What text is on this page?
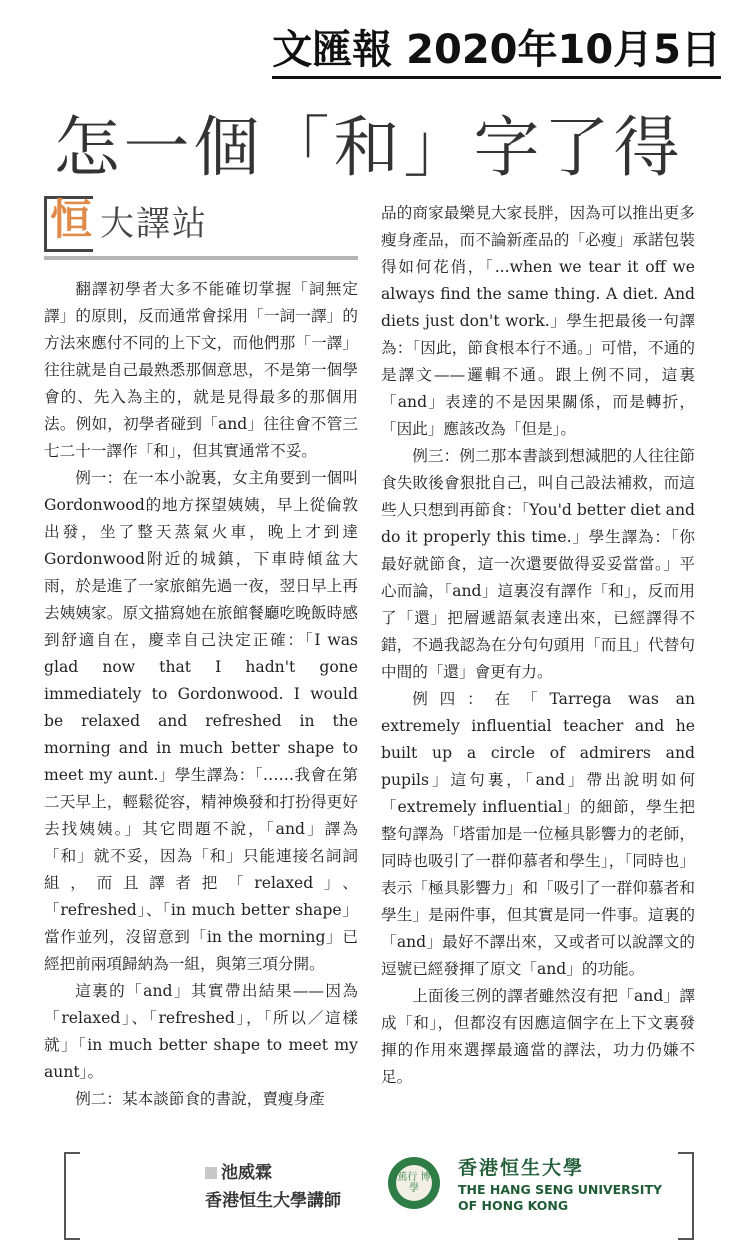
文匯報 2020年10月5日
怎一個「和」字了得
恒 大譯站

翻譯初學者大多不能確切掌握「詞無定譯」的原則，反而通常會採用「一詞一譯」的方法來應付不同的上下文，而他們那「一譯」往往就是自己最熟悉那個意思，不是第一個學會的、先入為主的，就是見得最多的那個用法。例如，初學者碰到「and」往往會不管三七二十一譯作「和」，但其實通常不妥。

例一：在一本小說裏，女主角要到一個叫Gordonwood的地方探望姨姨，早上從倫敦出發，坐了整天蒸氣火車，晚上才到達Gordonwood附近的城鎮，下車時傾盆大雨，於是進了一家旅館先過一夜，翌日早上再去姨姨家。原文描寫她在旅館餐廳吃晚飯時感到舒適自在，慶幸自己決定正確：「I was glad now that I hadn't gone immediately to Gordonwood. I would be relaxed and refreshed in the morning and in much better shape to meet my aunt.」學生譯為：「……我會在第二天早上，輕鬆從容，精神煥發和打扮得更好去找姨姨。」其它問題不說，「and」譯為「和」就不妥，因為「和」只能連接名詞詞組，而且譯者把「relaxed」、「refreshed」、「in much better shape」當作並列，沒留意到「in the morning」已經把前兩項歸納為一組，與第三項分開。

這裏的「and」其實帶出結果——因為「relaxed」、「refreshed」，「所以／這樣就」「in much better shape to meet my aunt」。

例二：某本談節食的書說，賣瘦身產

品的商家最樂見大家長胖，因為可以推出更多瘦身產品，而不論新產品的「必瘦」承諾包裝得如何花俏，「...when we tear it off we always find the same thing. A diet. And diets just don't work.」學生把最後一句譯為：「因此，節食根本行不通。」可惜，不通的是譯文——邏輯不通。跟上例不同，這裏「and」表達的不是因果關係，而是轉折，「因此」應該改為「但是」。

例三：例二那本書談到想減肥的人往往節食失敗後會狠批自己，叫自己設法補救，而這些人只想到再節食：「You'd better diet and do it properly this time.」學生譯為：「你最好就節食，這一次還要做得妥妥當當。」平心而論，「and」這裏沒有譯作「和」，反而用了「還」把層遞語氣表達出來，已經譯得不錯，不過我認為在分句句頭用「而且」代替句中間的「還」會更有力。

例四：在「Tarrega was an extremely influential teacher and he built up a circle of admirers and pupils」這句裏，「and」帶出說明如何「extremely influential」的細節，學生把整句譯為「塔雷加是一位極具影響力的老師，同時也吸引了一群仰慕者和學生」，「同時也」表示「極具影響力」和「吸引了一群仰慕者和學生」是兩件事，但其實是同一件事。這裏的「and」最好不譯出來，又或者可以說譯文的逗號已經發揮了原文「and」的功能。

上面後三例的譯者雖然沒有把「and」譯成「和」，但都沒有因應這個字在上下文裏發揮的作用來選擇最適當的譯法，功力仍嫌不足。

池威霖
香港恒生大學講師
篤行 博學
香港恒生大學
THE HANG SENG UNIVERSITY
OF HONG KONG
